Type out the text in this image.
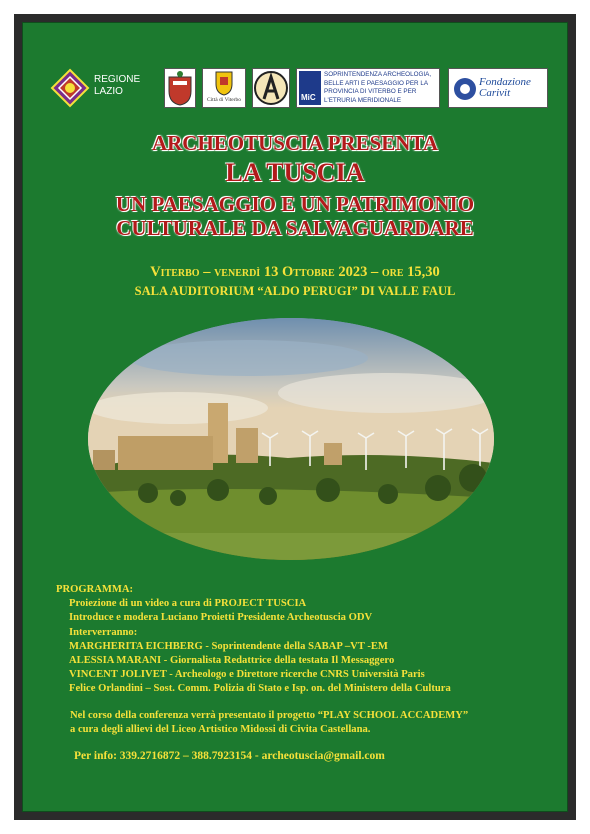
REGIONE LAZIO
Città di Viterbo	MiC
SOPRINTENDENZA ARCHEOLOGIA, BELLE ARTI E PAESAGGIO PER LA PROVINCIA DI VITERBO E PER L'ETRURIA MERIDIONALE
Fondazione Carivit
ARCHEOTUSCIA PRESENTA
LA TUSCIA
UN PAESAGGIO E UN PATRIMONIO
CULTURALE DA SALVAGUARDARE
Viterbo – venerdì 13 Ottobre 2023 – ore 15,30
SALA AUDITORIUM “ALDO PERUGI” DI VALLE FAUL
PROGRAMMA:
Proiezione di un video a cura di PROJECT TUSCIA
Introduce e modera Luciano Proietti Presidente Archeotuscia ODV
Interverranno:
MARGHERITA EICHBERG - Soprintendente della SABAP –VT -EM
ALESSIA MARANI - Giornalista Redattrice della testata Il Messaggero
VINCENT JOLIVET - Archeologo e Direttore ricerche CNRS Università Paris
Felice Orlandini – Sost. Comm. Polizia di Stato e Isp. on. del Ministero della Cultura
Nel corso della conferenza verrà presentato il progetto “PLAY SCHOOL ACCADEMY”
a cura degli allievi del Liceo Artistico Midossi di Civita Castellana.
Per info: 339.2716872 – 388.7923154 - archeotuscia@gmail.com
